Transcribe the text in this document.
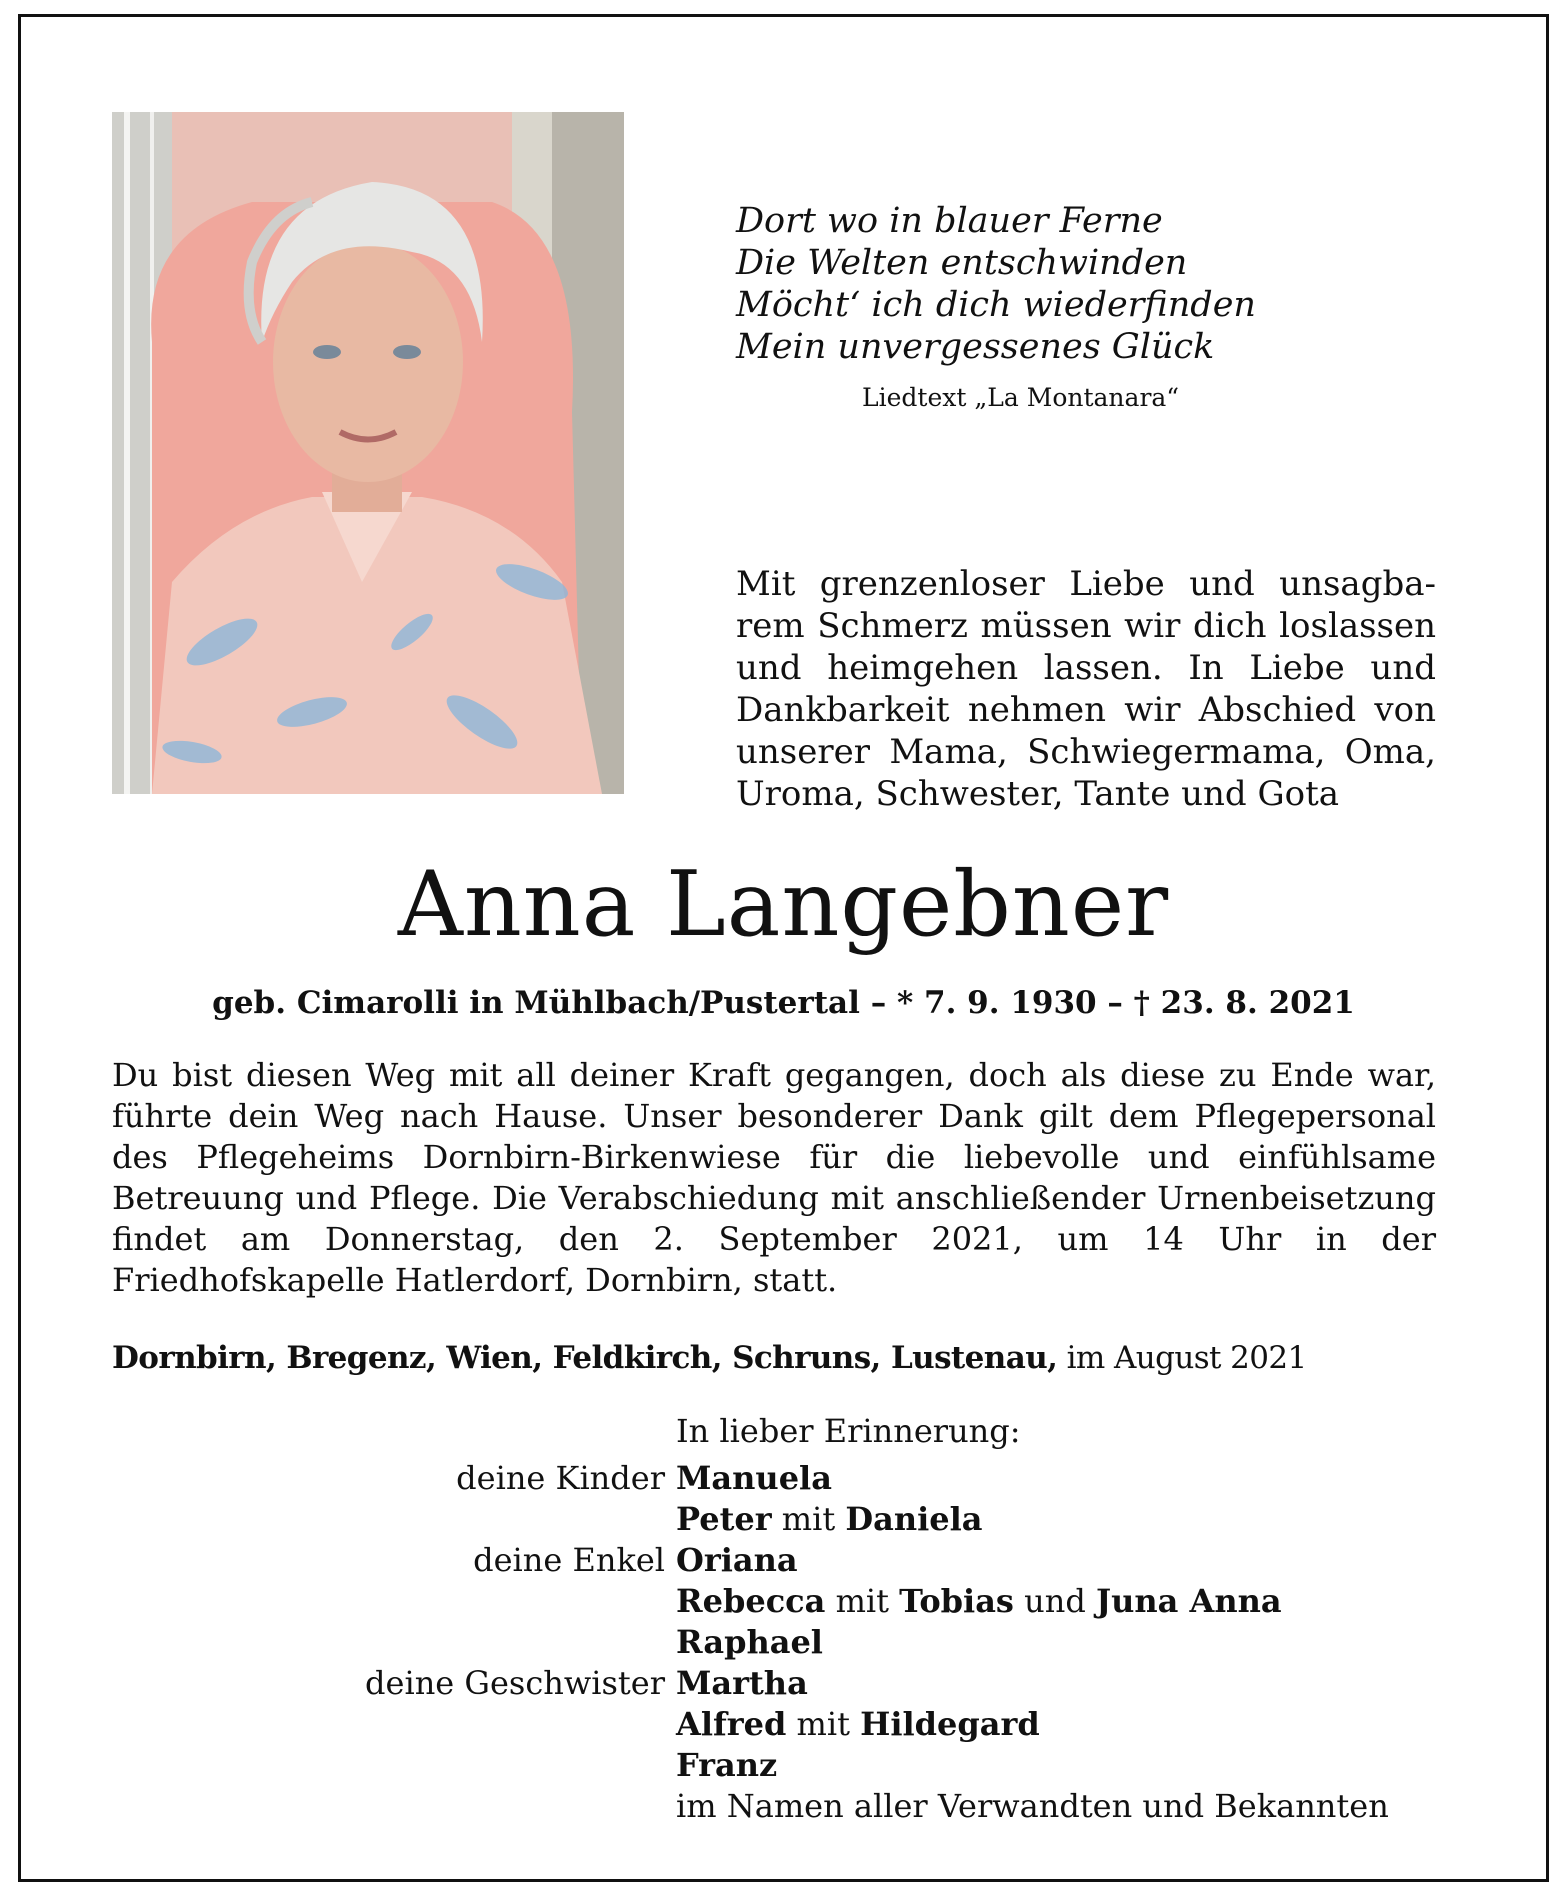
Dort wo in blauer Ferne
Die Welten entschwinden
Möcht‘ ich dich wiederfinden
Mein unvergessenes Glück
Liedtext „La Montanara“
Mit grenzenloser Liebe und unsagbarem Schmerz müssen wir dich loslassen und heimgehen lassen. In Liebe und Dankbarkeit nehmen wir Abschied von unserer Mama, Schwiegermama, Oma, Uroma, Schwester, Tante und Gota
Anna Langebner
geb. Cimarolli in Mühlbach/Pustertal – * 7. 9. 1930 – † 23. 8. 2021
Du bist diesen Weg mit all deiner Kraft gegangen, doch als diese zu Ende war, führte dein Weg nach Hause. Unser besonderer Dank gilt dem Pflegepersonal des Pflegeheims Dornbirn-Birkenwiese für die liebevolle und einfühlsame Betreuung und Pflege. Die Verabschiedung mit anschließender Urnenbeisetzung findet am Donnerstag, den 2. September 2021, um 14 Uhr in der Friedhofskapelle Hatlerdorf, Dornbirn, statt.
Dornbirn, Bregenz, Wien, Feldkirch, Schruns, Lustenau, im August 2021
In lieber Erinnerung:
deine Kinder Manuela
Peter mit Daniela
deine Enkel Oriana
Rebecca mit Tobias und Juna Anna
Raphael
deine Geschwister Martha
Alfred mit Hildegard
Franz
im Namen aller Verwandten und Bekannten
